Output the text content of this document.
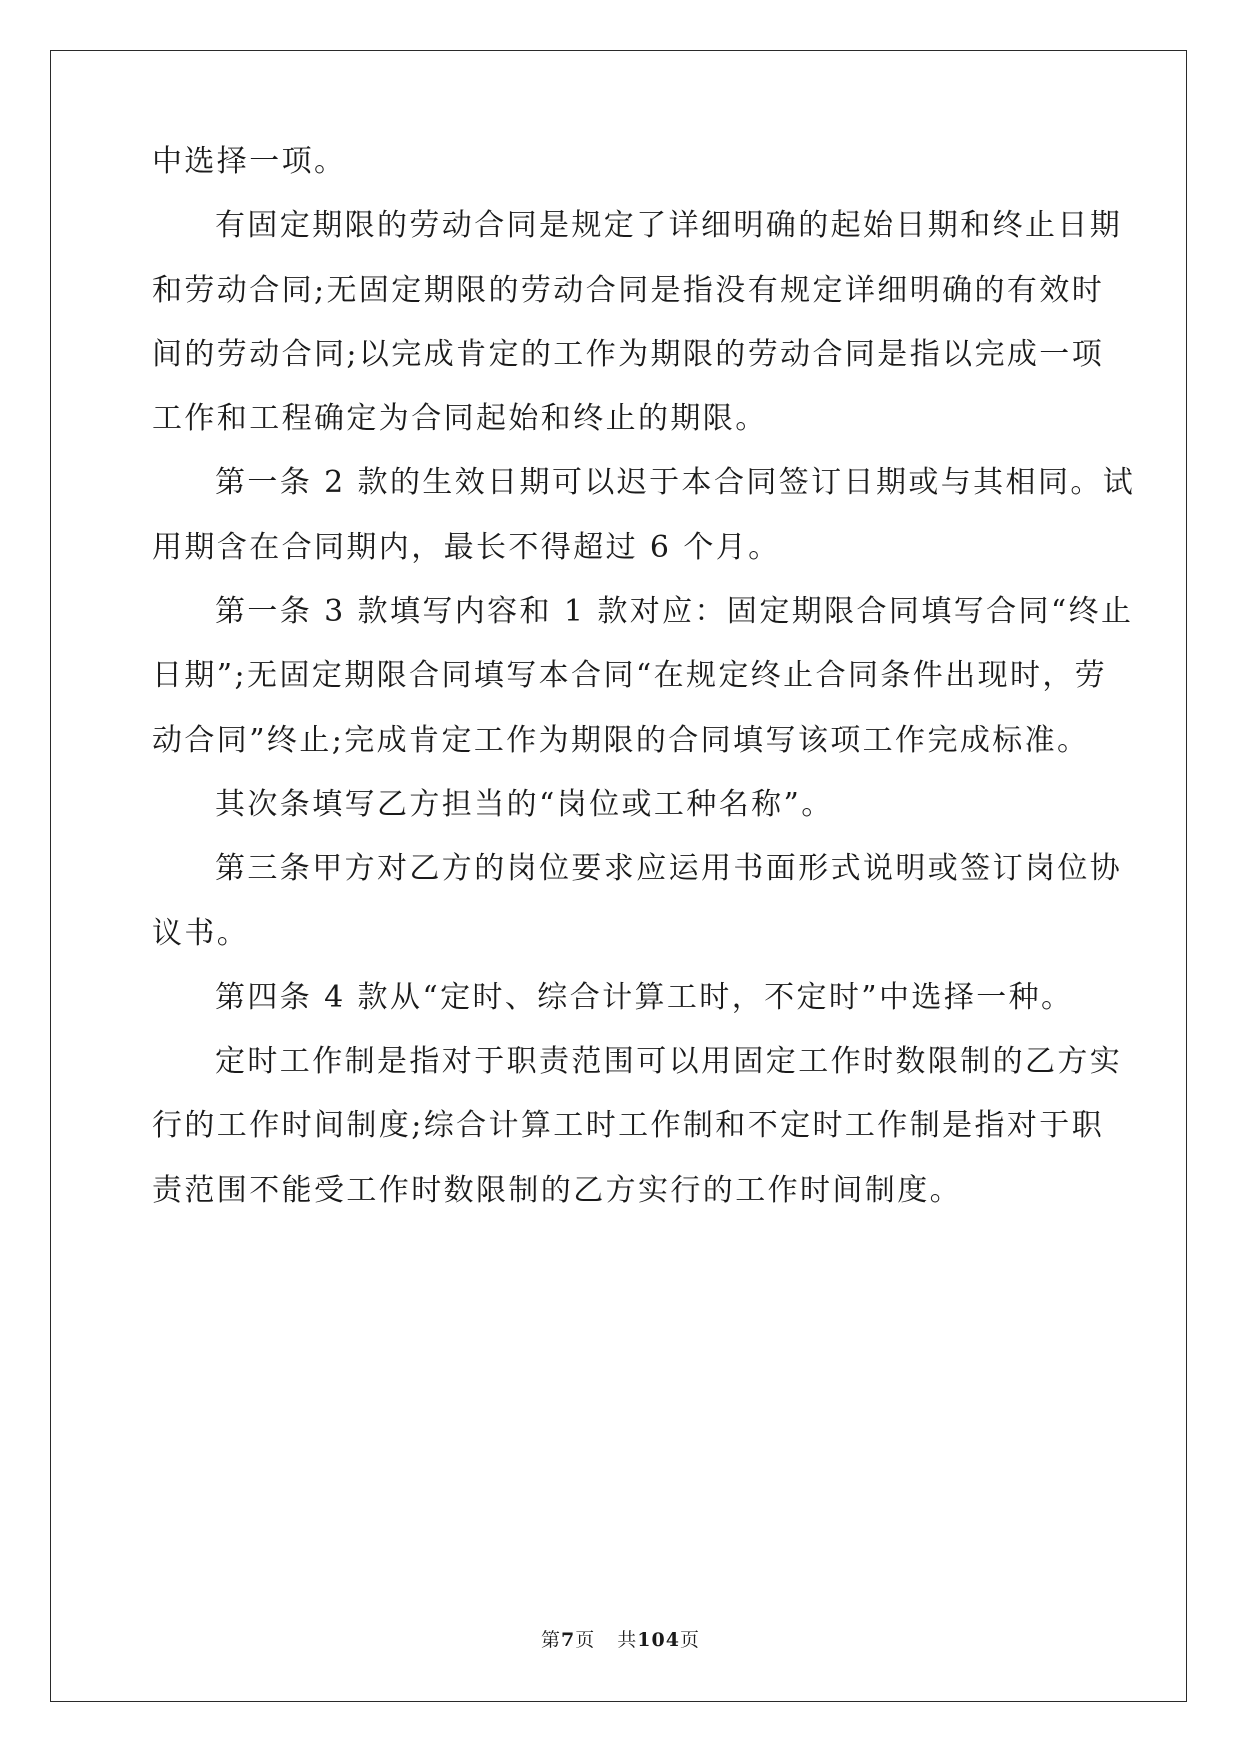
中选择一项。

有固定期限的劳动合同是规定了详细明确的起始日期和终止日期

和劳动合同;无固定期限的劳动合同是指没有规定详细明确的有效时

间的劳动合同;以完成肯定的工作为期限的劳动合同是指以完成一项

工作和工程确定为合同起始和终止的期限。

第一条 2 款的生效日期可以迟于本合同签订日期或与其相同。试

用期含在合同期内，最长不得超过 6 个月。

第一条 3 款填写内容和 1 款对应：固定期限合同填写合同“终止

日期”;无固定期限合同填写本合同“在规定终止合同条件出现时，劳

动合同”终止;完成肯定工作为期限的合同填写该项工作完成标准。

其次条填写乙方担当的“岗位或工种名称”。

第三条甲方对乙方的岗位要求应运用书面形式说明或签订岗位协

议书。

第四条 4 款从“定时、综合计算工时，不定时”中选择一种。

定时工作制是指对于职责范围可以用固定工作时数限制的乙方实

行的工作时间制度;综合计算工时工作制和不定时工作制是指对于职

责范围不能受工作时数限制的乙方实行的工作时间制度。

第7页 共104页
